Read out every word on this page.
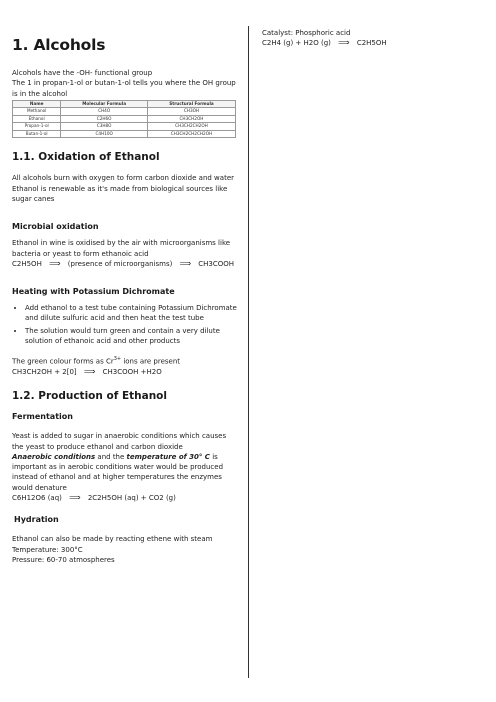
1. Alcohols

Alcohols have the -OH- functional group

The 1 in propan-1-ol or butan-1-ol tells you where the OH group is in the alcohol

Name	Molecular Formula	Structural Formula
Methanol	CH4O	CH3OH
Ethanol	C2H6O	CH3CH2OH
Propan-1-ol	C3H8O	CH3CH2CH2OH
Butan-1-ol	C4H10O	CH3CH2CH2CH2OH
1.1. Oxidation of Ethanol

All alcohols burn with oxygen to form carbon dioxide and water

Ethanol is renewable as it's made from biological sources like sugar canes

Microbial oxidation

Ethanol in wine is oxidised by the air with microorganisms like bacteria or yeast to form ethanoic acid

C2H5OH ⟹ (presence of microorganisms) ⟹ CH3COOH

Heating with Potassium Dichromate
• Add ethanol to a test tube containing Potassium Dichromate and dilute sulfuric acid and then heat the test tube
• The solution would turn green and contain a very dilute solution of ethanoic acid and other products

The green colour forms as $Cr^{3+}$ ions are present

CH3CH2OH + 2[0] ⟹ CH3COOH +H2O

1.2. Production of Ethanol
Fermentation

Yeast is added to sugar in anaerobic conditions which causes the yeast to produce ethanol and carbon dioxide

Anaerobic conditions and the temperature of 30° C is important as in aerobic conditions water would be produced instead of ethanol and at higher temperatures the enzymes would denature

C6H12O6 (aq) ⟹ 2C2H5OH (aq) + CO2 (g)

Hydration

Ethanol can also be made by reacting ethene with steam

Temperature: 300°C

Pressure: 60-70 atmospheres

Catalyst: Phosphoric acid

C2H4 (g) + H2O (g) ⟹ C2H5OH
